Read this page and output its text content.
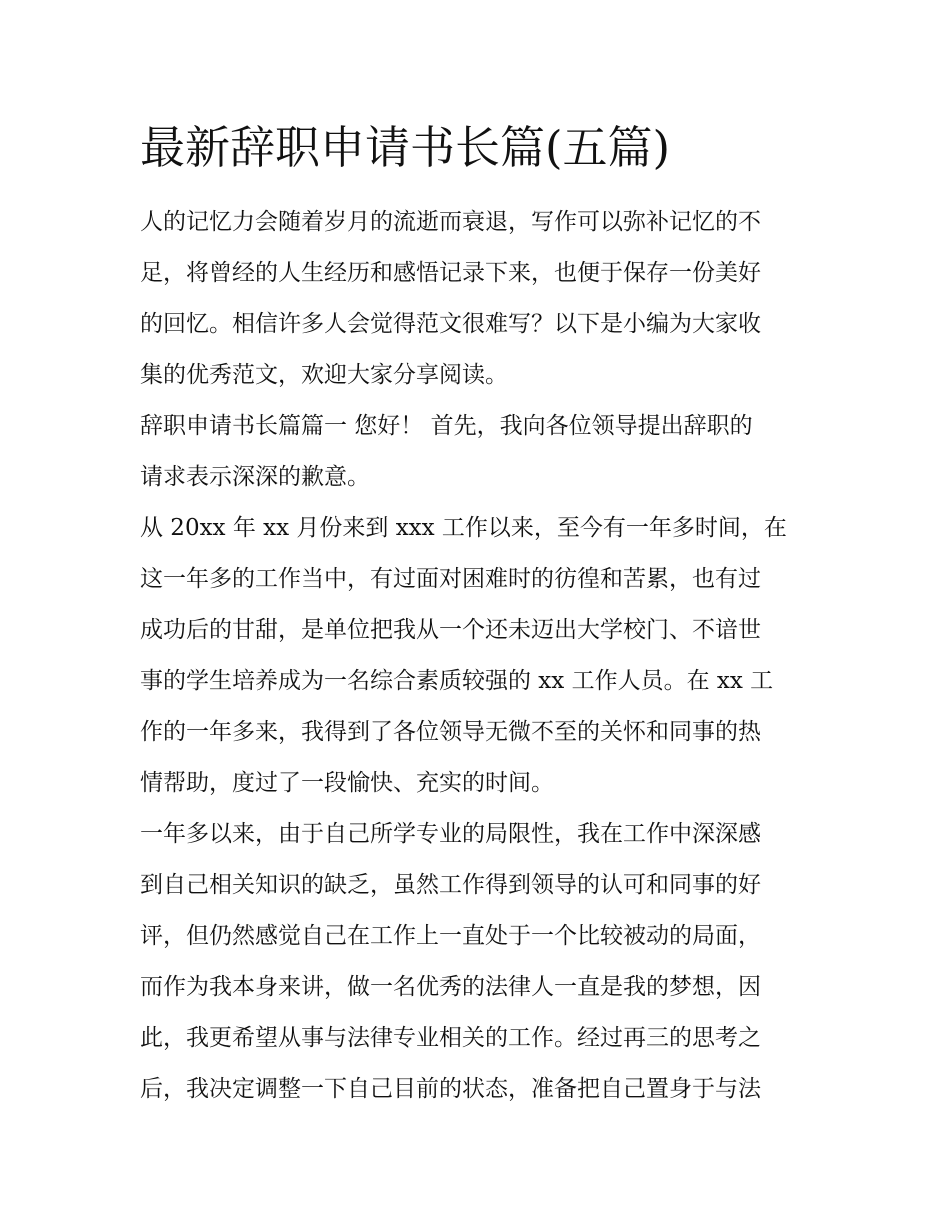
最新辞职申请书长篇(五篇)
人的记忆力会随着岁月的流逝而衰退，写作可以弥补记忆的不
足，将曾经的人生经历和感悟记录下来，也便于保存一份美好
的回忆。相信许多人会觉得范文很难写？以下是小编为大家收
集的优秀范文，欢迎大家分享阅读。
辞职申请书长篇篇一 您好！ 首先，我向各位领导提出辞职的
请求表示深深的歉意。
从 20xx 年 xx 月份来到 xxx 工作以来，至今有一年多时间，在
这一年多的工作当中，有过面对困难时的彷徨和苦累，也有过
成功后的甘甜，是单位把我从一个还未迈出大学校门、不谙世
事的学生培养成为一名综合素质较强的 xx 工作人员。在 xx 工
作的一年多来，我得到了各位领导无微不至的关怀和同事的热
情帮助，度过了一段愉快、充实的时间。
一年多以来，由于自己所学专业的局限性，我在工作中深深感
到自己相关知识的缺乏，虽然工作得到领导的认可和同事的好
评，但仍然感觉自己在工作上一直处于一个比较被动的局面，
而作为我本身来讲，做一名优秀的法律人一直是我的梦想，因
此，我更希望从事与法律专业相关的工作。经过再三的思考之
后，我决定调整一下自己目前的状态，准备把自己置身于与法
